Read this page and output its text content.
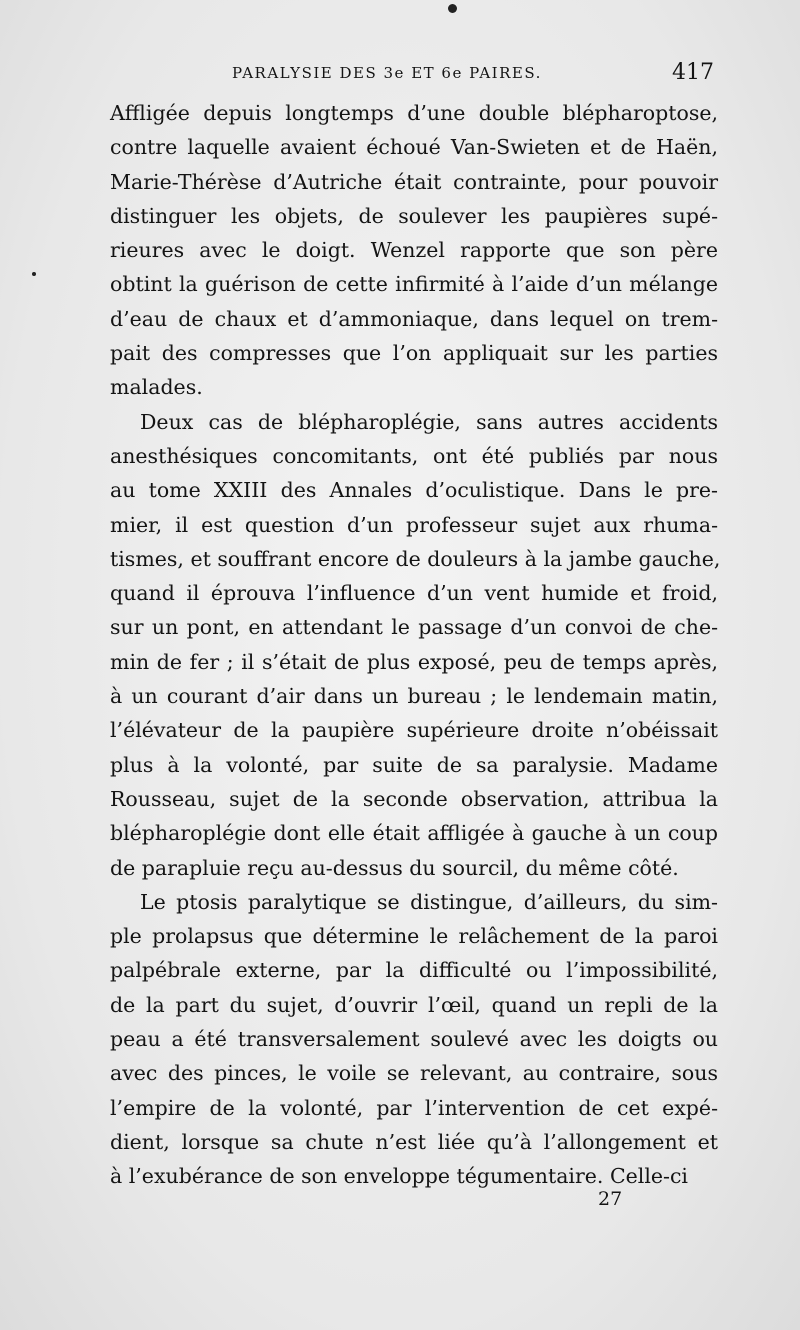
PARALYSIE DES 3e ET 6e PAIRES.	417
Affligée depuis longtemps d’une double blépharoptose,
contre laquelle avaient échoué Van-Swieten et de Haën,
Marie-Thérèse d’Autriche était contrainte, pour pouvoir
distinguer les objets, de soulever les paupières supé-
rieures avec le doigt. Wenzel rapporte que son père
obtint la guérison de cette infirmité à l’aide d’un mélange
d’eau de chaux et d’ammoniaque, dans lequel on trem-
pait des compresses que l’on appliquait sur les parties
malades.
Deux cas de blépharoplégie, sans autres accidents
anesthésiques concomitants, ont été publiés par nous
au tome XXIII des Annales d’oculistique. Dans le pre-
mier, il est question d’un professeur sujet aux rhuma-
tismes, et souffrant encore de douleurs à la jambe gauche,
quand il éprouva l’influence d’un vent humide et froid,
sur un pont, en attendant le passage d’un convoi de che-
min de fer ; il s’était de plus exposé, peu de temps après,
à un courant d’air dans un bureau ; le lendemain matin,
l’élévateur de la paupière supérieure droite n’obéissait
plus à la volonté, par suite de sa paralysie. Madame
Rousseau, sujet de la seconde observation, attribua la
blépharoplégie dont elle était affligée à gauche à un coup
de parapluie reçu au-dessus du sourcil, du même côté.
Le ptosis paralytique se distingue, d’ailleurs, du sim-
ple prolapsus que détermine le relâchement de la paroi
palpébrale externe, par la difficulté ou l’impossibilité,
de la part du sujet, d’ouvrir l’œil, quand un repli de la
peau a été transversalement soulevé avec les doigts ou
avec des pinces, le voile se relevant, au contraire, sous
l’empire de la volonté, par l’intervention de cet expé-
dient, lorsque sa chute n’est liée qu’à l’allongement et
à l’exubérance de son enveloppe tégumentaire. Celle-ci
27
